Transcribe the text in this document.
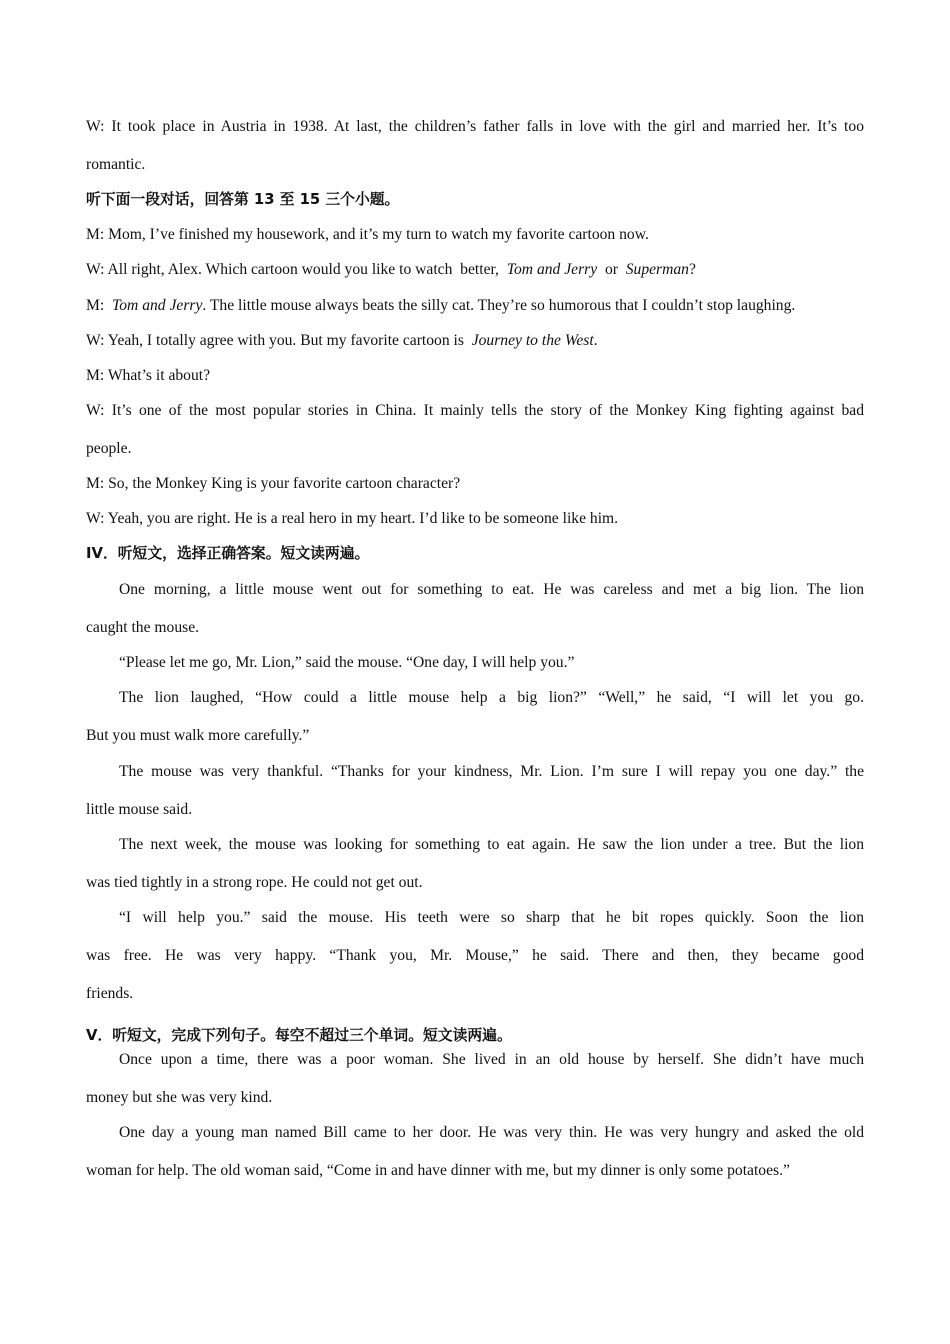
W: It took place in Austria in 1938. At last, the children’s father falls in love with the girl and married her. It’s too
romantic.
听下面一段对话，回答第 13 至 15 三个小题。
M: Mom, I’ve finished my housework, and it’s my turn to watch my favorite cartoon now.
W: All right, Alex. Which cartoon would you like to watch  better,  Tom and Jerry  or  Superman?
M:  Tom and Jerry. The little mouse always beats the silly cat. They’re so humorous that I couldn’t stop laughing.
W: Yeah, I totally agree with you. But my favorite cartoon is  Journey to the West.
M: What’s it about?
W: It’s one of the most popular stories in China. It mainly tells the story of the Monkey King fighting against bad
people.
M: So, the Monkey King is your favorite cartoon character?
W: Yeah, you are right. He is a real hero in my heart. I’d like to be someone like him.
IV．听短文，选择正确答案。短文读两遍。
One morning, a little mouse went out for something to eat. He was careless and met a big lion. The lion
caught the mouse.
“Please let me go, Mr. Lion,” said the mouse. “One day, I will help you.”
The lion laughed, “How could a little mouse help a big lion?” “Well,” he said, “I will let you go.
But you must walk more carefully.”
The mouse was very thankful. “Thanks for your kindness, Mr. Lion. I’m sure I will repay you one day.” the
little mouse said.
The next week, the mouse was looking for something to eat again. He saw the lion under a tree. But the lion
was tied tightly in a strong rope. He could not get out.
“I will help you.” said the mouse. His teeth were so sharp that he bit ropes quickly. Soon the lion
was free. He was very happy. “Thank you, Mr. Mouse,” he said. There and then, they became good
friends.
V．听短文，完成下列句子。每空不超过三个单词。短文读两遍。
Once upon a time, there was a poor woman. She lived in an old house by herself. She didn’t have much
money but she was very kind.
One day a young man named Bill came to her door. He was very thin. He was very hungry and asked the old
woman for help. The old woman said, “Come in and have dinner with me, but my dinner is only some potatoes.”
